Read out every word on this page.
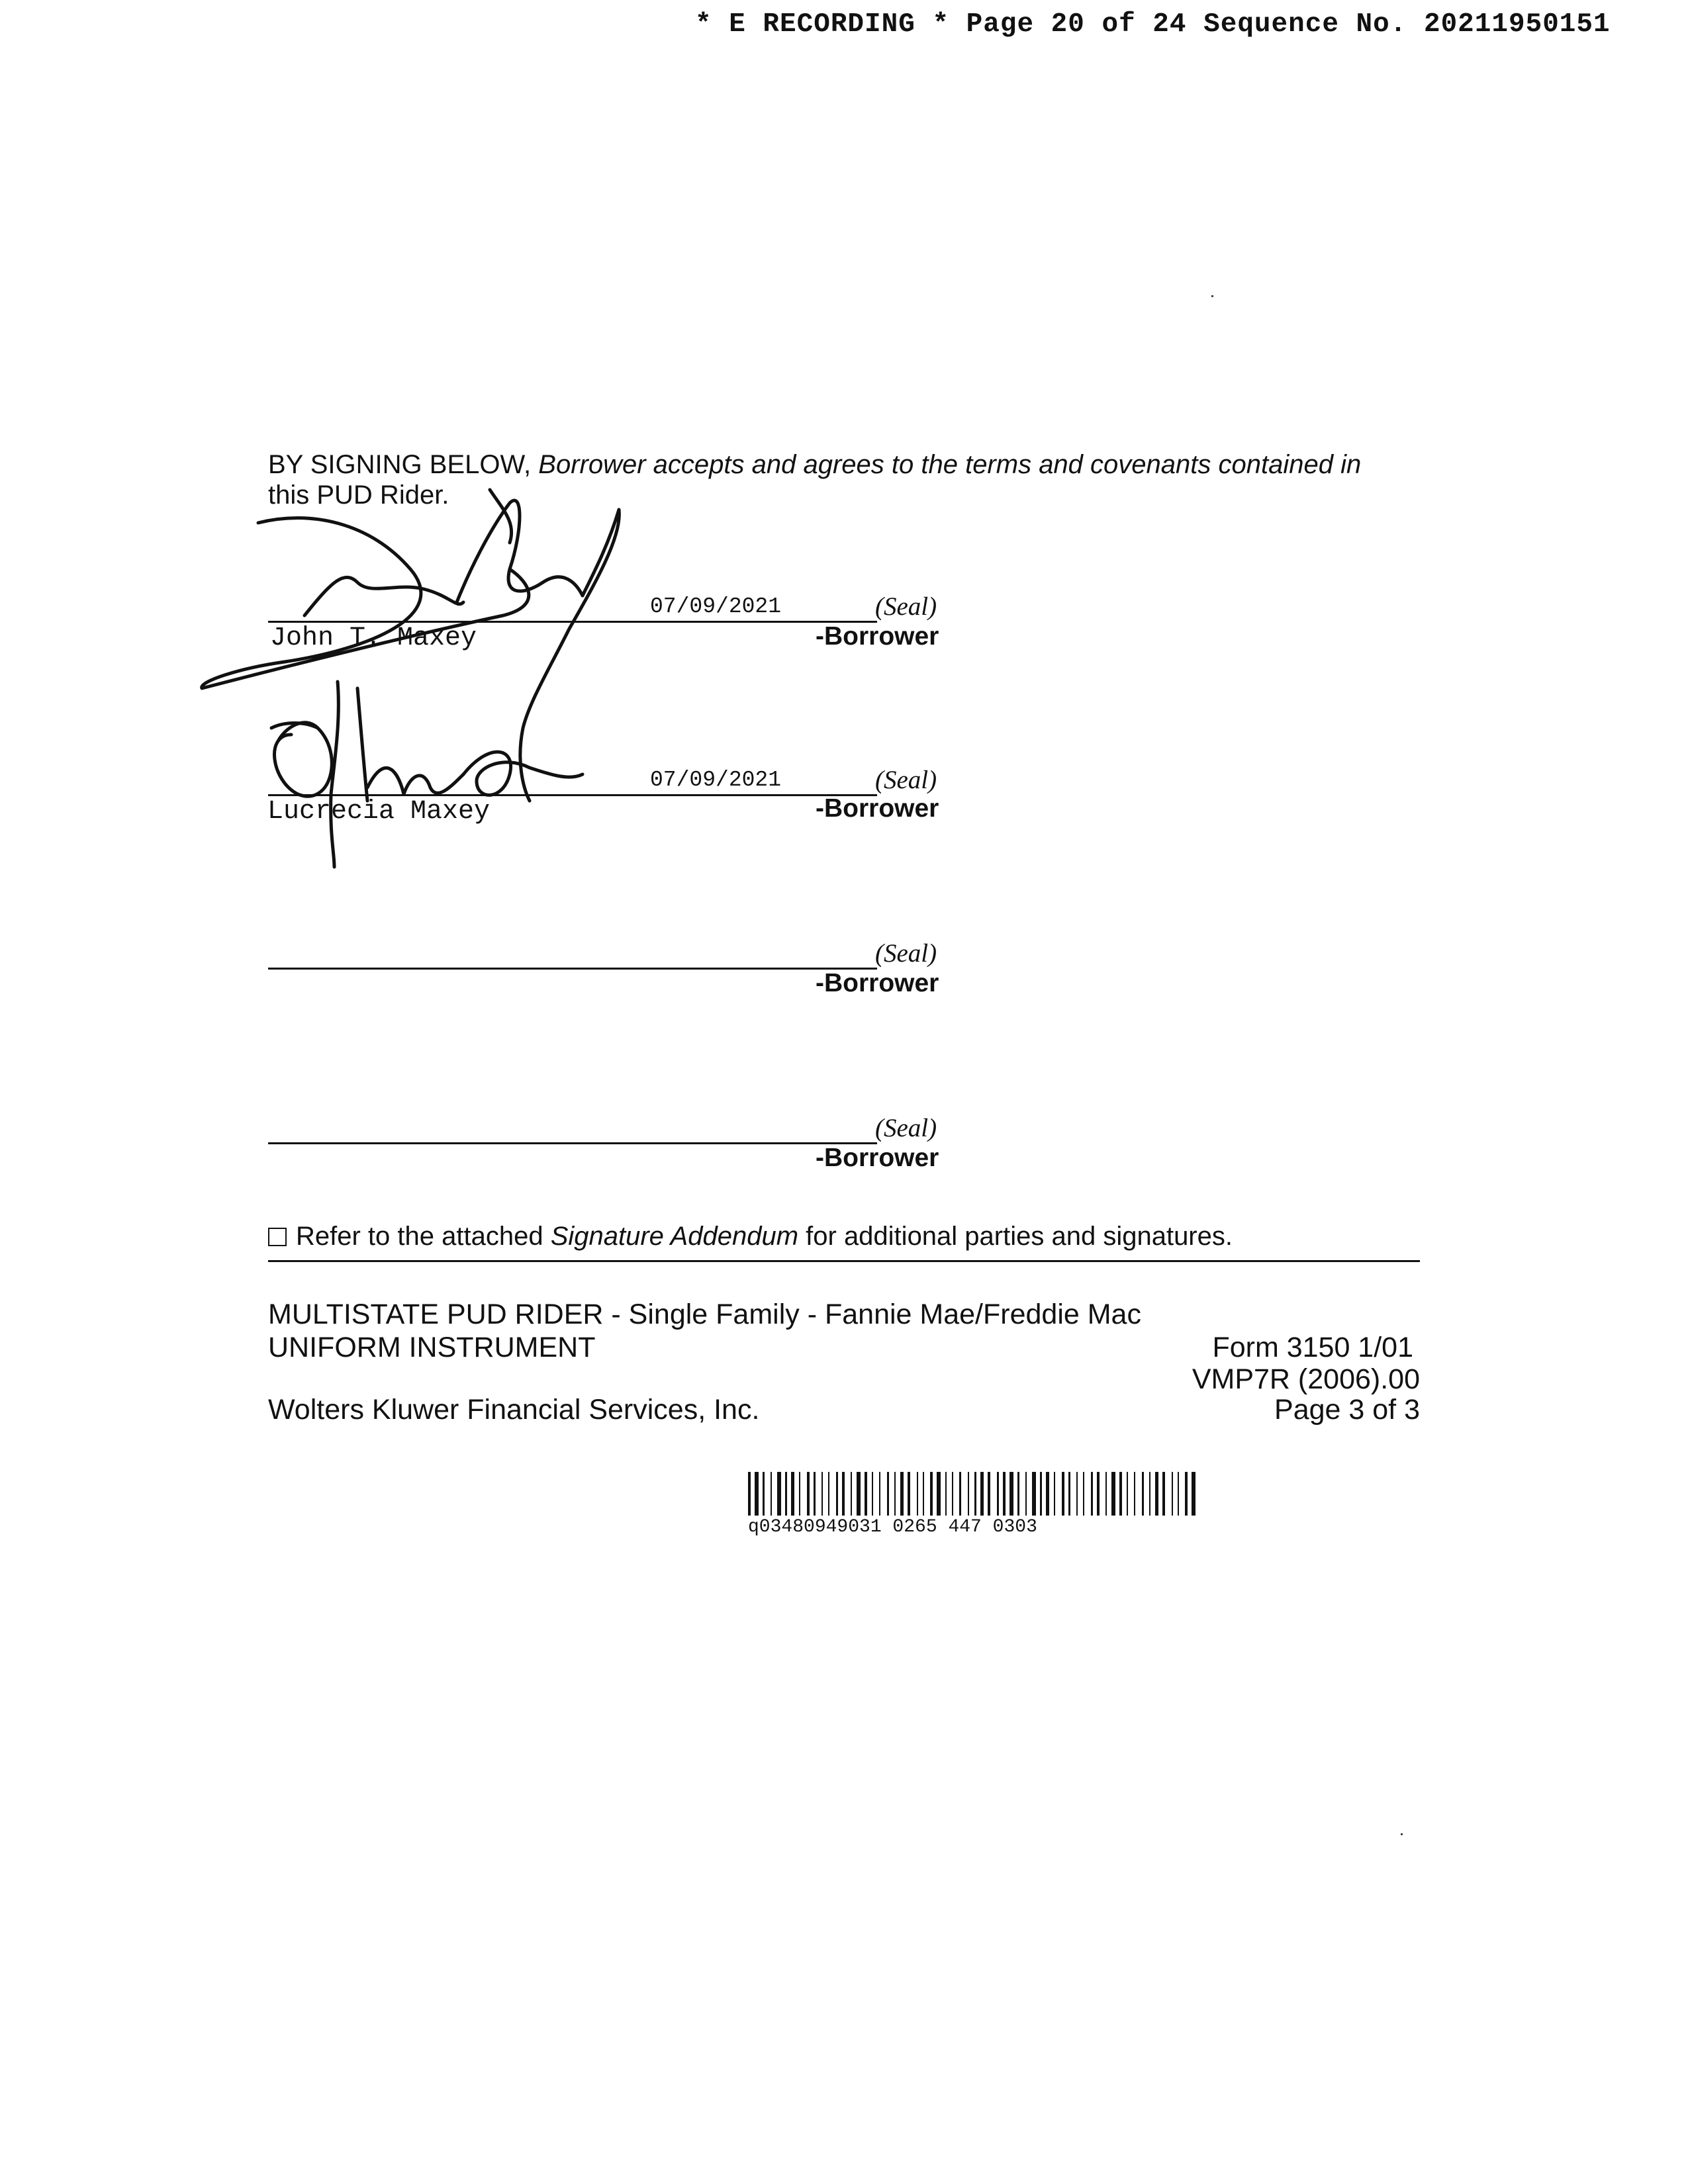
* E RECORDING * Page 20 of 24 Sequence No. 20211950151
BY SIGNING BELOW, Borrower accepts and agrees to the terms and covenants contained in
this PUD Rider.
07/09/2021	(Seal)
-Borrower
John T. Maxey
07/09/2021	(Seal)
-Borrower
Lucrecia Maxey
(Seal)
-Borrower
(Seal)
-Borrower
Refer to the attached Signature Addendum for additional parties and signatures.
MULTISTATE PUD RIDER - Single Family - Fannie Mae/Freddie Mac
UNIFORM INSTRUMENT	Form 3150 1/01
VMP7R (2006).00
Wolters Kluwer Financial Services, Inc.	Page 3 of 3
q03480949031 0265 447 0303
